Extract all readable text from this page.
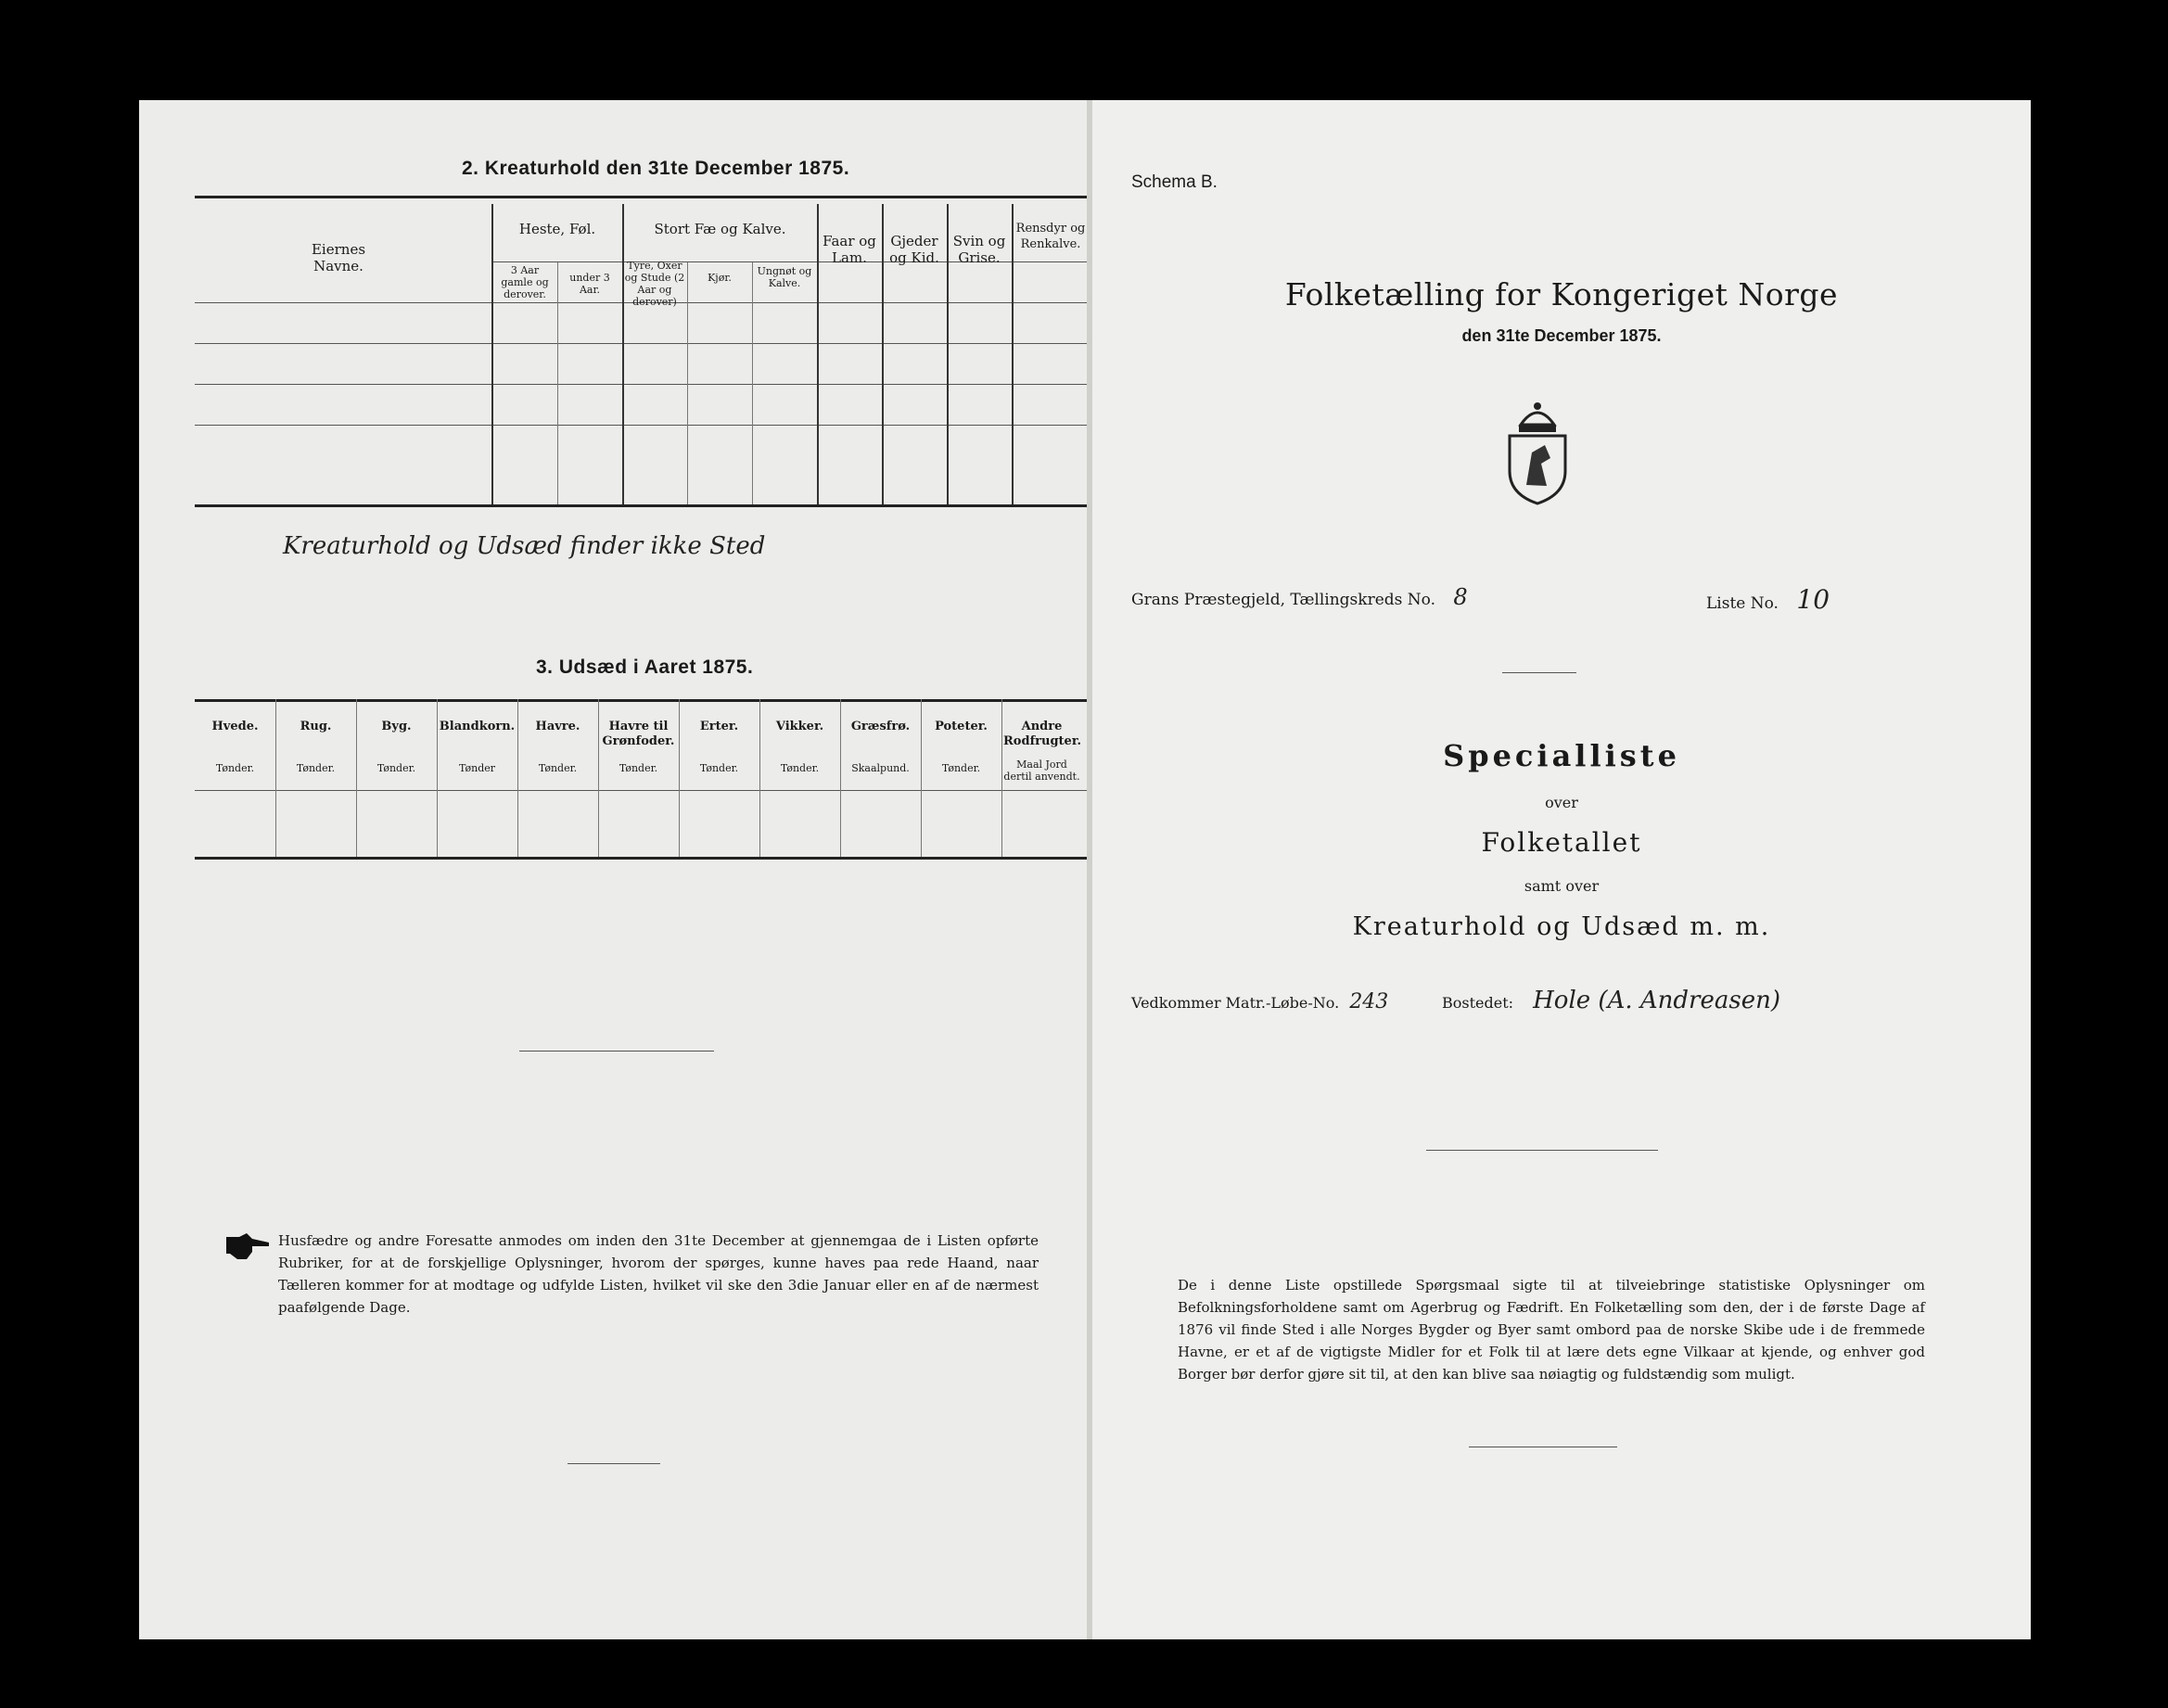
2. Kreaturhold den 31te December 1875.
Eiernes Navne.
Heste, Føl.
3 Aar gamle og derover.
under 3 Aar.
Stort Fæ og Kalve.
Tyre, Oxer og Stude (2 Aar og derover)
Kjør.
Ungnøt og Kalve.
Faar og Lam.
Gjeder og Kid.
Svin og Grise.
Rensdyr og Renkalve.
Kreaturhold og Udsæd finder ikke Sted
3. Udsæd i Aaret 1875.
Hvede.
Tønder.
Rug.
Tønder.
Byg.
Tønder.
Blandkorn.
Tønder
Havre.
Tønder.
Havre til Grønfoder.
Tønder.
Erter.
Tønder.
Vikker.
Tønder.
Græsfrø.
Skaalpund.
Poteter.
Tønder.
Andre Rodfrugter.
Maal Jord dertil anvendt.
Husfædre og andre Foresatte anmodes om inden den 31te December at gjennemgaa de i Listen opførte Rubriker, for at de forskjellige Oplysninger, hvorom der spørges, kunne haves paa rede Haand, naar Tælleren kommer for at modtage og udfylde Listen, hvilket vil ske den 3die Januar eller en af de nærmest paafølgende Dage.
Schema B.
Folketælling for Kongeriget Norge
den 31te December 1875.
Grans Præstegjeld, Tællingskreds No. 8	Liste No. 10
Specialliste
over
Folketallet
samt over
Kreaturhold og Udsæd m. m.
Vedkommer Matr.-Løbe-No. 243	Bostedet: Hole (A. Andreasen)
De i denne Liste opstillede Spørgsmaal sigte til at tilveiebringe statistiske Oplysninger om Befolkningsforholdene samt om Agerbrug og Fædrift. En Folketælling som den, der i de første Dage af 1876 vil finde Sted i alle Norges Bygder og Byer samt ombord paa de norske Skibe ude i de fremmede Havne, er et af de vigtigste Midler for et Folk til at lære dets egne Vilkaar at kjende, og enhver god Borger bør derfor gjøre sit til, at den kan blive saa nøiagtig og fuldstændig som muligt.
